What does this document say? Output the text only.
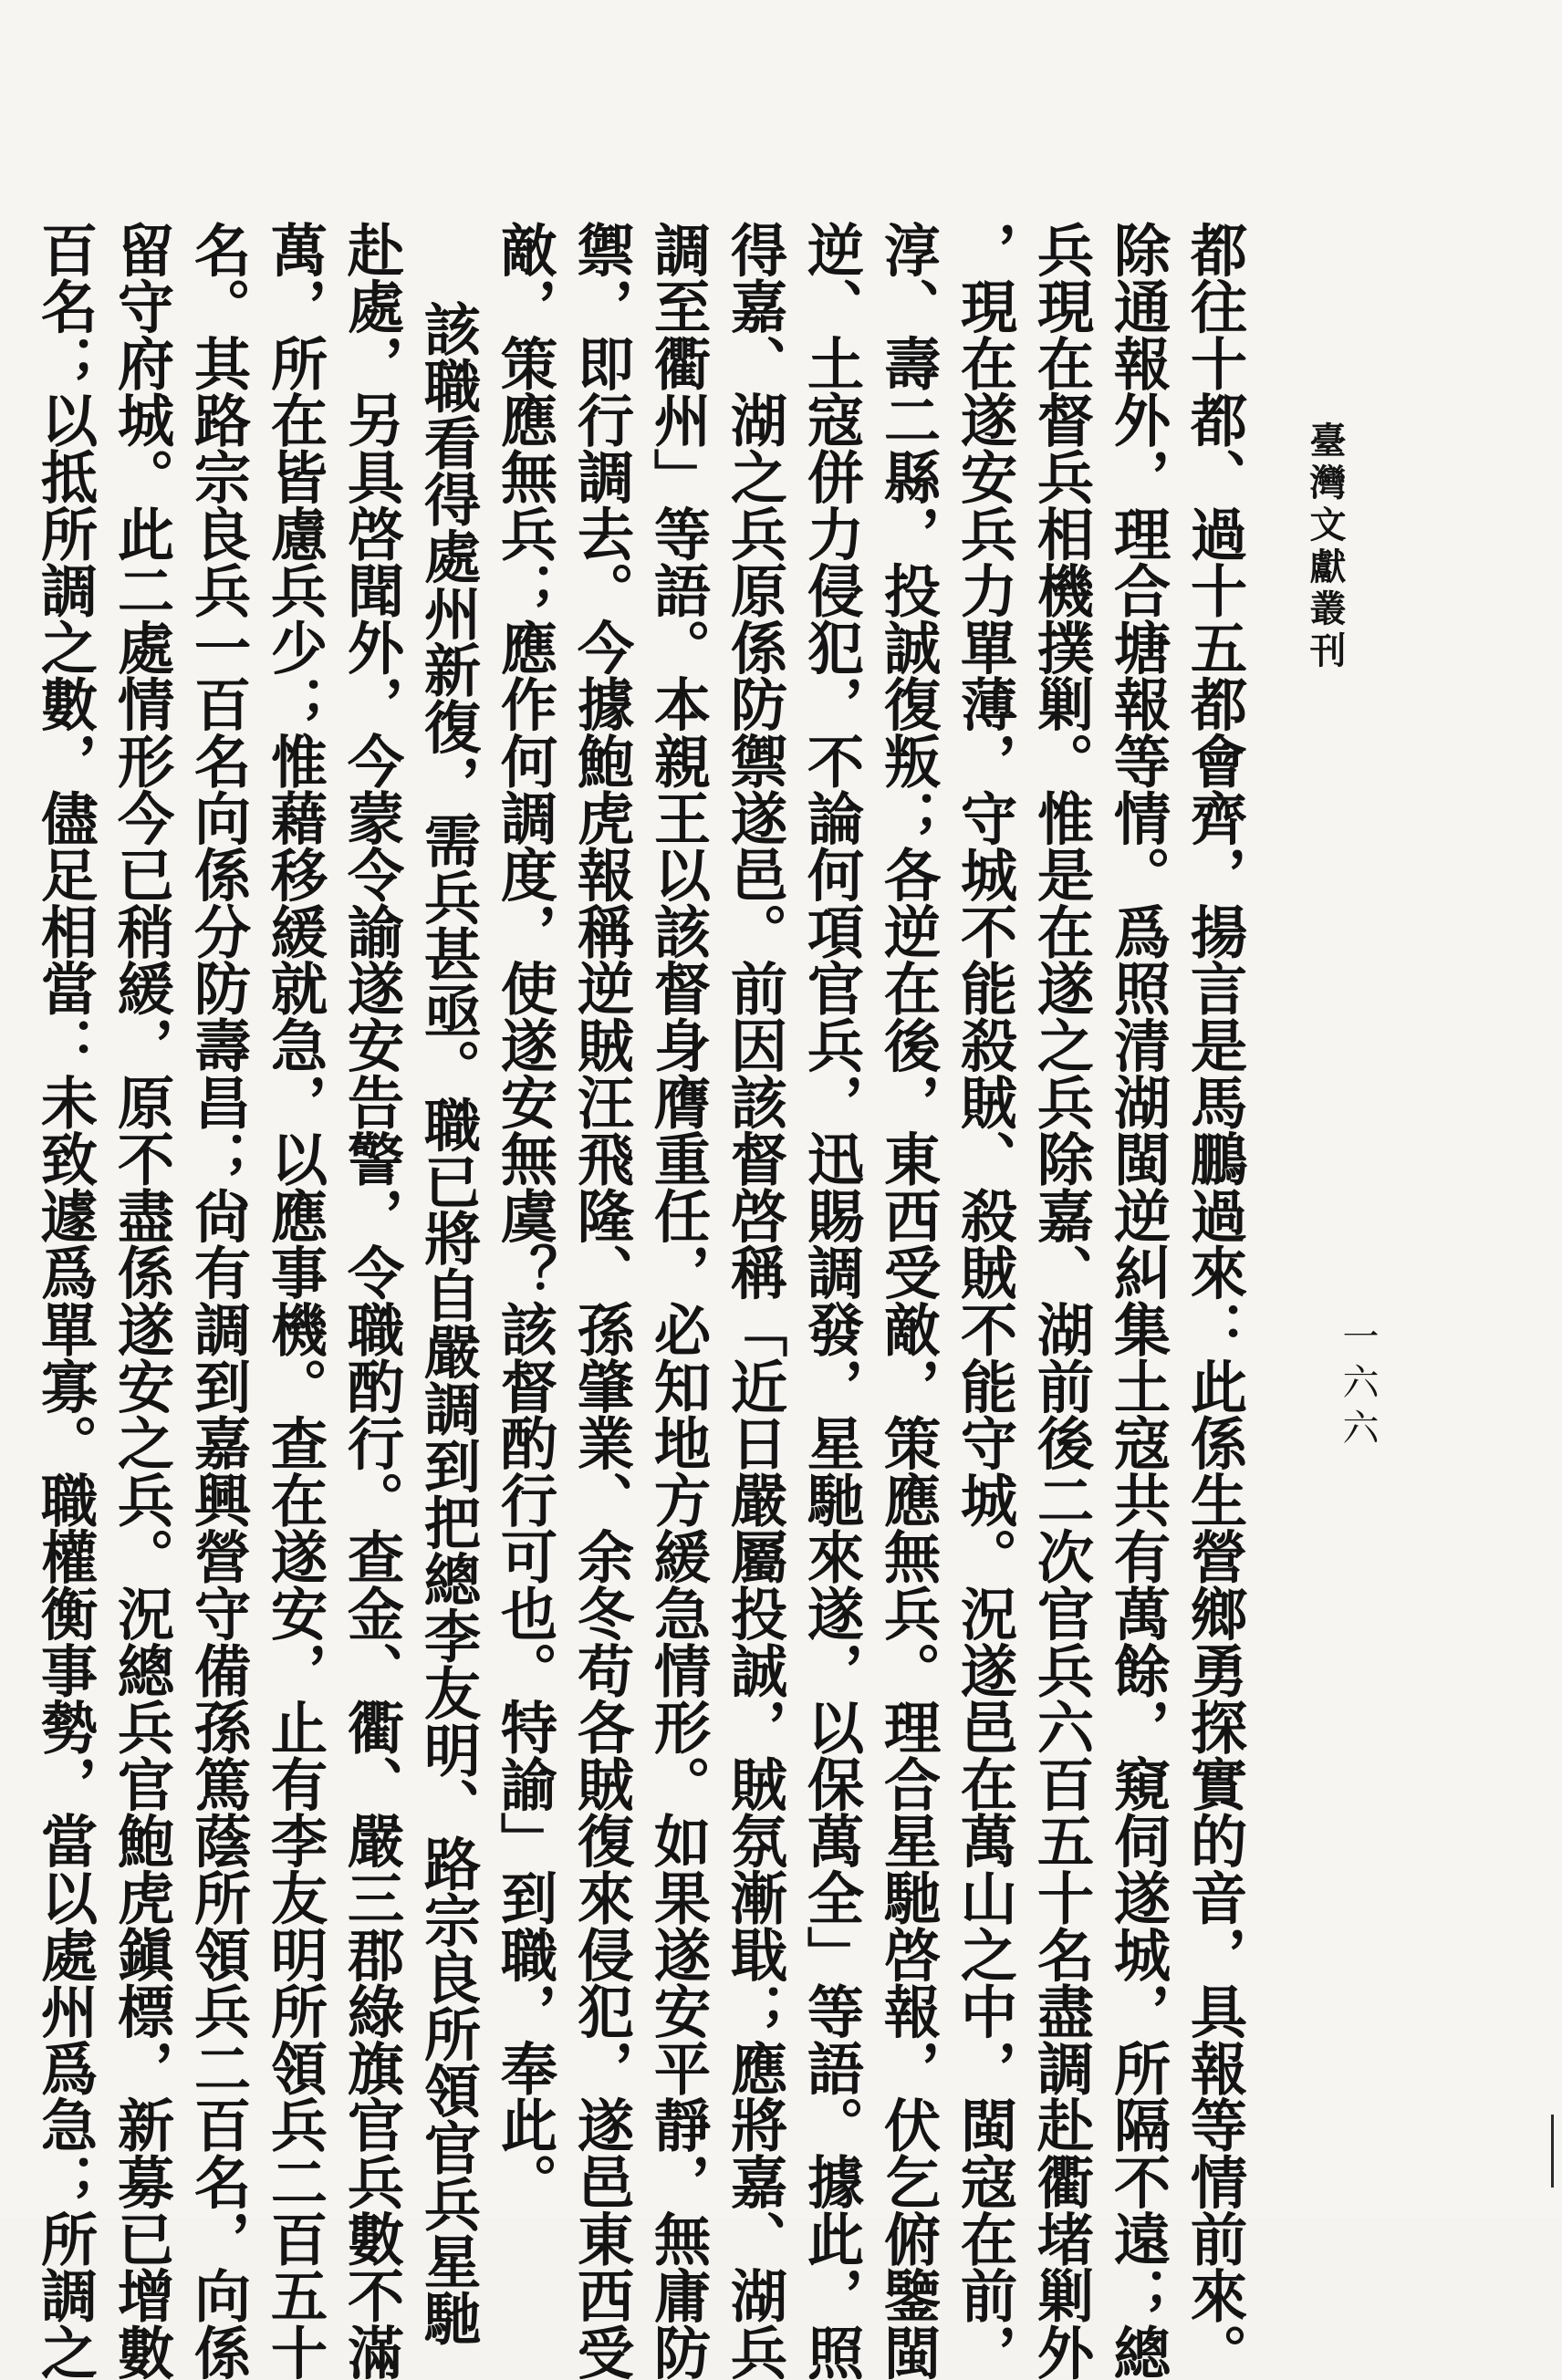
臺灣文獻叢刊
一六六
都往十都、過十五都會齊，揚言是馬鵬過來：此係生營鄉勇探實的音，具報等情前來。
除通報外，理合塘報等情。爲照清湖閩逆糾集土寇共有萬餘，窺伺遂城，所隔不遠；總
兵現在督兵相機撲剿。惟是在遂之兵除嘉、湖前後二次官兵六百五十名盡調赴衢堵剿外
，現在遂安兵力單薄，守城不能殺賊、殺賊不能守城。況遂邑在萬山之中，閩寇在前，
淳、壽二縣，投誠復叛；各逆在後，東西受敵，策應無兵。理合星馳啓報，伏乞俯鑒閩
逆、土寇併力侵犯，不論何項官兵，迅賜調發，星馳來遂，以保萬全」等語。據此，照
得嘉、湖之兵原係防禦遂邑。前因該督啓稱「近日嚴屬投誠，賊氛漸戢；應將嘉、湖兵
調至衢州」等語。本親王以該督身膺重任，必知地方緩急情形。如果遂安平靜，無庸防
禦，即行調去。今據鮑虎報稱逆賊汪飛隆、孫肇業、余冬苟各賊復來侵犯，遂邑東西受
敵，策應無兵；應作何調度，使遂安無虞？該督酌行可也。特諭」到職，奉此。
該職看得處州新復，需兵甚亟。職已將自嚴調到把總李友明、路宗良所領官兵星馳
赴處，另具啓聞外，今蒙令諭遂安告警，令職酌行。查金、衢、嚴三郡綠旗官兵數不滿
萬，所在皆慮兵少；惟藉移緩就急，以應事機。查在遂安，止有李友明所領兵二百五十
名。其路宗良兵一百名向係分防壽昌；尙有調到嘉興營守備孫篤蔭所領兵二百名，向係
留守府城。此二處情形今已稍緩，原不盡係遂安之兵。況總兵官鮑虎鎭標，新募已增數
百名；以抵所調之數，儘足相當：未致遽爲單寡。職權衡事勢，當以處州爲急；所調之
